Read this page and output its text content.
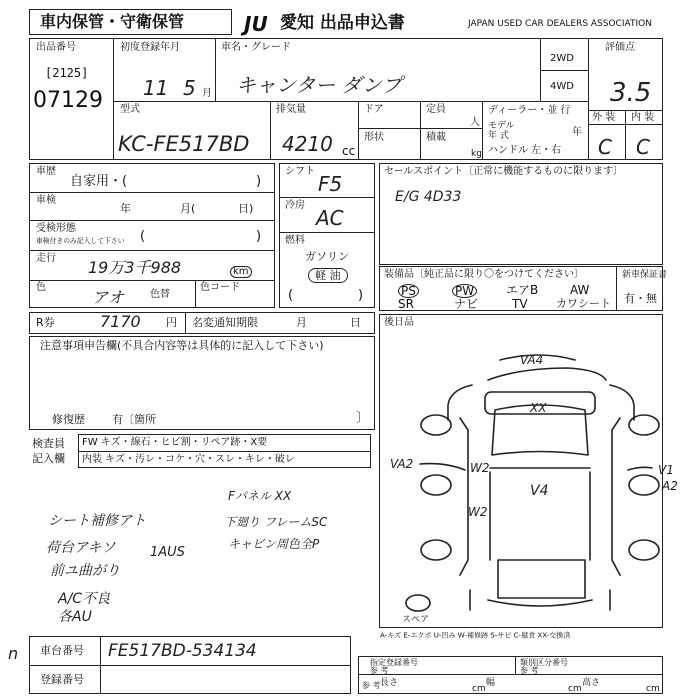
車内保管・守衛保管	JU 愛知 出品申込書	JAPAN USED CAR DEALERS ASSOCIATION
出品番号
[2125]
07129
初度登録年月
11 5 月
車名・グレード
キャンター ダンプ
2WD
4WD
型式
KC-FE517BD
排気量
4210 cc
ドア
形状
定員
人
積載
kg
ディーラー・並 行
モデル
年 式	年
ハンドル 左・右
評価点
3.5
外 装 内 装
C C
車歴
自家用・(	)
車検
年	月(	日)
受検形態
車検付きのみ記入して下さい (	)
走行 19万3千988	km
色
アオ	色替
色コード
シフト
F5
冷房
AC
燃料
ガソリン
軽 油
(	)
セールスポイント〔正常に機能するものに限ります〕
E/G 4D33
装備品〔純正品に限り〇をつけてください〕
PS	PW	エアB	AW
SR	ナビ	TV	カワシート
新車保証書
有・無
R券	7170 円 名変通知期限	月	日
注意事項申告欄(不具合内容等は具体的に記入して下さい)
修復歴 有〔箇所	〕
検査員
記入欄
FW キズ・線石・ヒビ割・リペア跡・X要
内装 キズ・汚レ・コケ・穴・スレ・キレ・破レ
Fパネル XX
下廻り フレームSC
キャビン周色全P
シート補修アト
荷台アキソ	1AUS
前ユ曲がり
A/C不良
各AU
後日品
VA4
XX
VA2	W2
V4
W2
V1
A2
スペア
A-キズ E-エクボ U-凹み W-補修跡 S-サビ C-腐食 XX-交換済
n 車台番号 FE517BD-534134
登録番号
指定登録番号
参 考
類別区分番号
参 考
参 考 長さ
cm
幅
cm
高さ
cm
